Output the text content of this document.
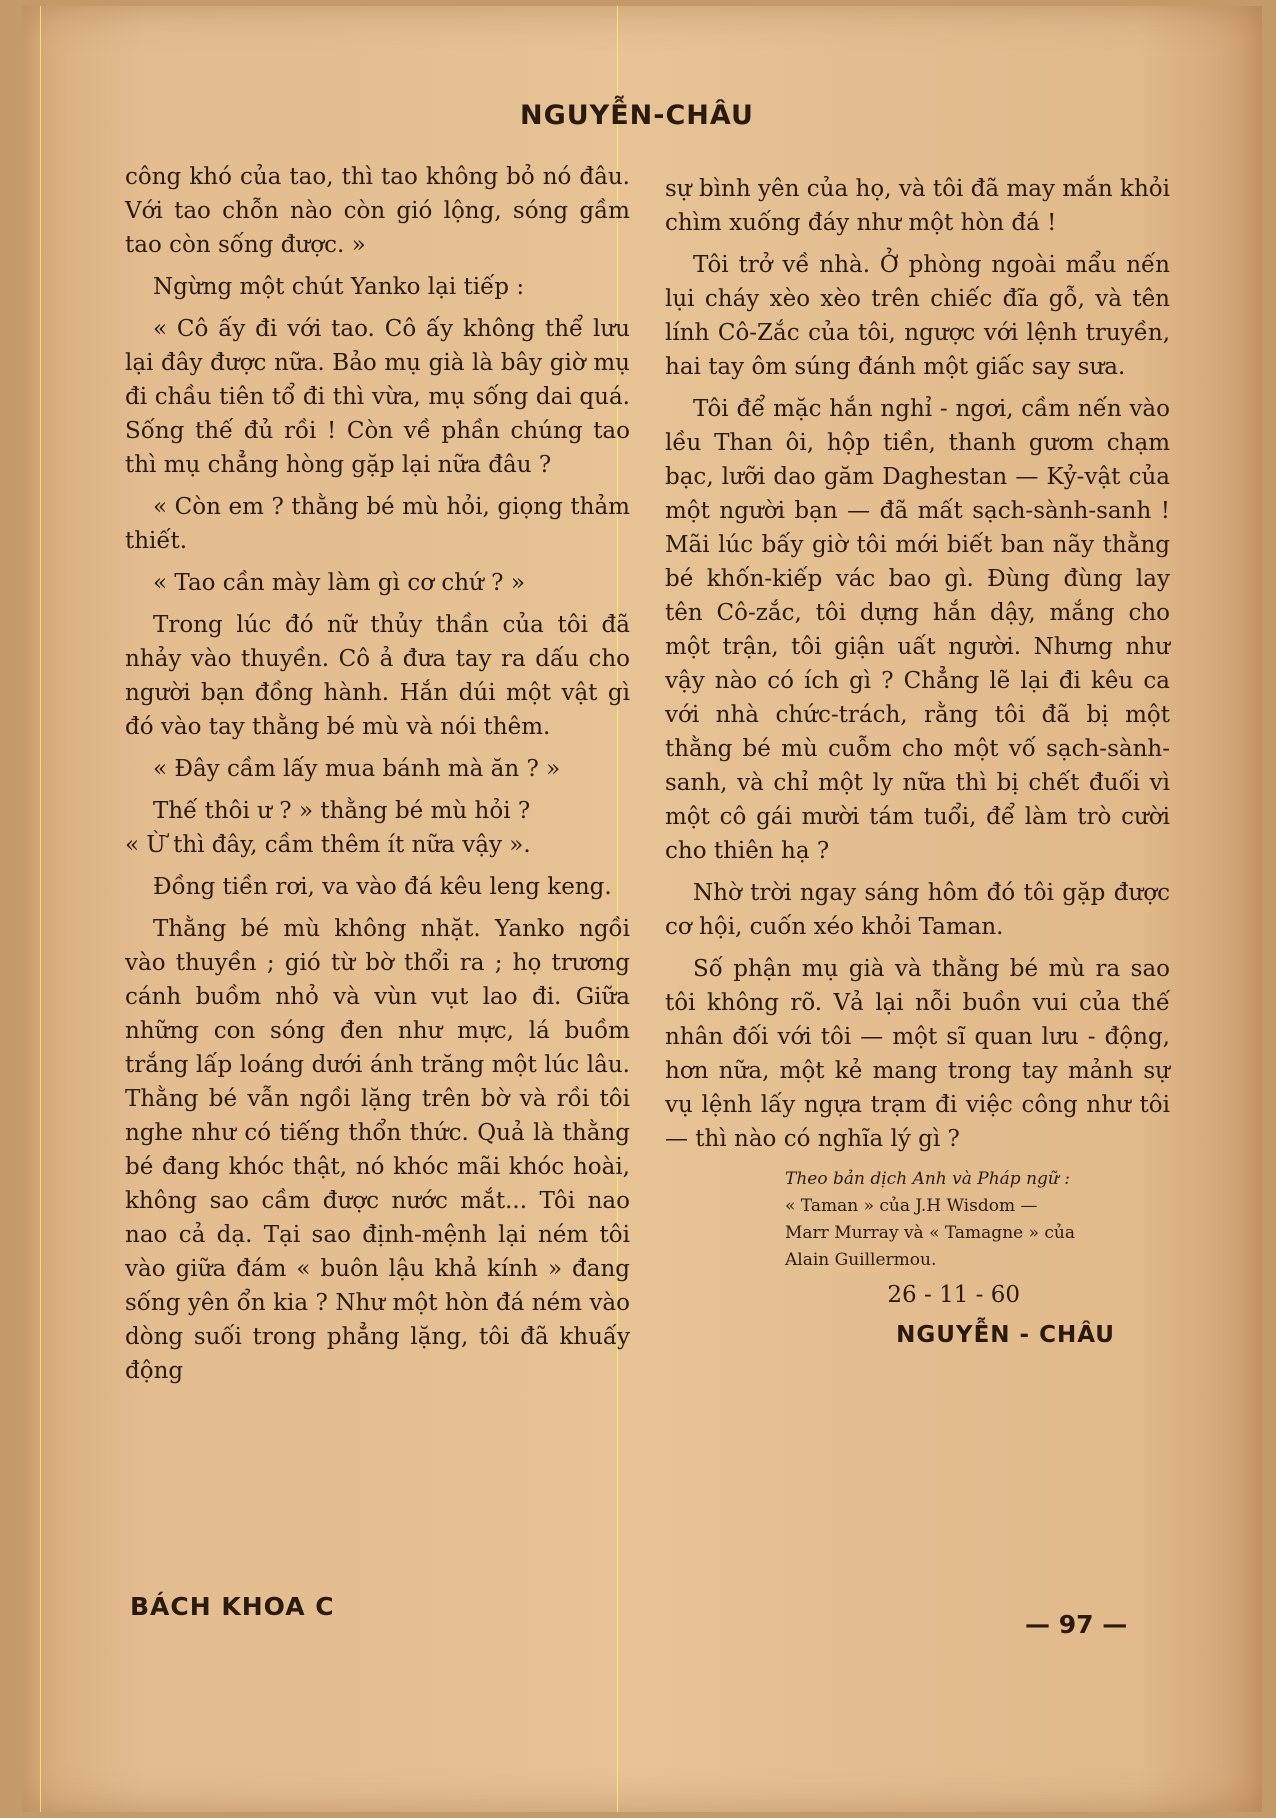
NGUYỄN-CHÂU

công khó của tao, thì tao không bỏ nó đâu. Với tao chỗn nào còn gió lộng, sóng gầm tao còn sống được. »

Ngừng một chút Yanko lại tiếp :

« Cô ấy đi với tao. Cô ấy không thể lưu lại đây được nữa. Bảo mụ già là bây giờ mụ đi chầu tiên tổ đi thì vừa, mụ sống dai quá. Sống thế đủ rồi ! Còn về phần chúng tao thì mụ chẳng hòng gặp lại nữa đâu ?

« Còn em ? thằng bé mù hỏi, giọng thảm thiết.

« Tao cần mày làm gì cơ chứ ? »

Trong lúc đó nữ thủy thần của tôi đã nhảy vào thuyền. Cô ả đưa tay ra dấu cho người bạn đồng hành. Hắn dúi một vật gì đó vào tay thằng bé mù và nói thêm.

« Đây cầm lấy mua bánh mà ăn ? »

Thế thôi ư ? » thằng bé mù hỏi ?

« Ừ thì đây, cầm thêm ít nữa vậy ».

Đồng tiền rơi, va vào đá kêu leng keng.

Thằng bé mù không nhặt. Yanko ngồi vào thuyền ; gió từ bờ thổi ra ; họ trương cánh buồm nhỏ và vùn vụt lao đi. Giữa những con sóng đen như mực, lá buồm trắng lấp loáng dưới ánh trăng một lúc lâu. Thằng bé vẫn ngồi lặng trên bờ và rồi tôi nghe như có tiếng thổn thức. Quả là thằng bé đang khóc thật, nó khóc mãi khóc hoài, không sao cầm được nước mắt... Tôi nao nao cả dạ. Tại sao định-mệnh lại ném tôi vào giữa đám « buôn lậu khả kính » đang sống yên ổn kia ? Như một hòn đá ném vào dòng suối trong phẳng lặng, tôi đã khuấy động

sự bình yên của họ, và tôi đã may mắn khỏi chìm xuống đáy như một hòn đá !

Tôi trở về nhà. Ở phòng ngoài mẩu nến lụi cháy xèo xèo trên chiếc đĩa gỗ, và tên lính Cô-Zắc của tôi, ngược với lệnh truyền, hai tay ôm súng đánh một giấc say sưa.

Tôi để mặc hắn nghỉ - ngơi, cầm nến vào lều Than ôi, hộp tiền, thanh gươm chạm bạc, lưỡi dao găm Daghestan — Kỷ-vật của một người bạn — đã mất sạch-sành-sanh ! Mãi lúc bấy giờ tôi mới biết ban nãy thằng bé khốn-kiếp vác bao gì. Đùng đùng lay tên Cô-zắc, tôi dựng hắn dậy, mắng cho một trận, tôi giận uất người. Nhưng như vậy nào có ích gì ? Chẳng lẽ lại đi kêu ca với nhà chức-trách, rằng tôi đã bị một thằng bé mù cuỗm cho một vố sạch-sành-sanh, và chỉ một ly nữa thì bị chết đuối vì một cô gái mười tám tuổi, để làm trò cười cho thiên hạ ?

Nhờ trời ngay sáng hôm đó tôi gặp được cơ hội, cuốn xéo khỏi Taman.

Số phận mụ già và thằng bé mù ra sao tôi không rõ. Vả lại nỗi buồn vui của thế nhân đối với tôi — một sĩ quan lưu - động, hơn nữa, một kẻ mang trong tay mảnh sự vụ lệnh lấy ngựa trạm đi việc công như tôi — thì nào có nghĩa lý gì ?

Theo bản dịch Anh và Pháp ngữ :
« Taman » của J.H Wisdom —
Marr Murray và « Tamagne » của
Alain Guillermou.
26 - 11 - 60
NGUYỄN - CHÂU
BÁCH KHOA C
— 97 —
